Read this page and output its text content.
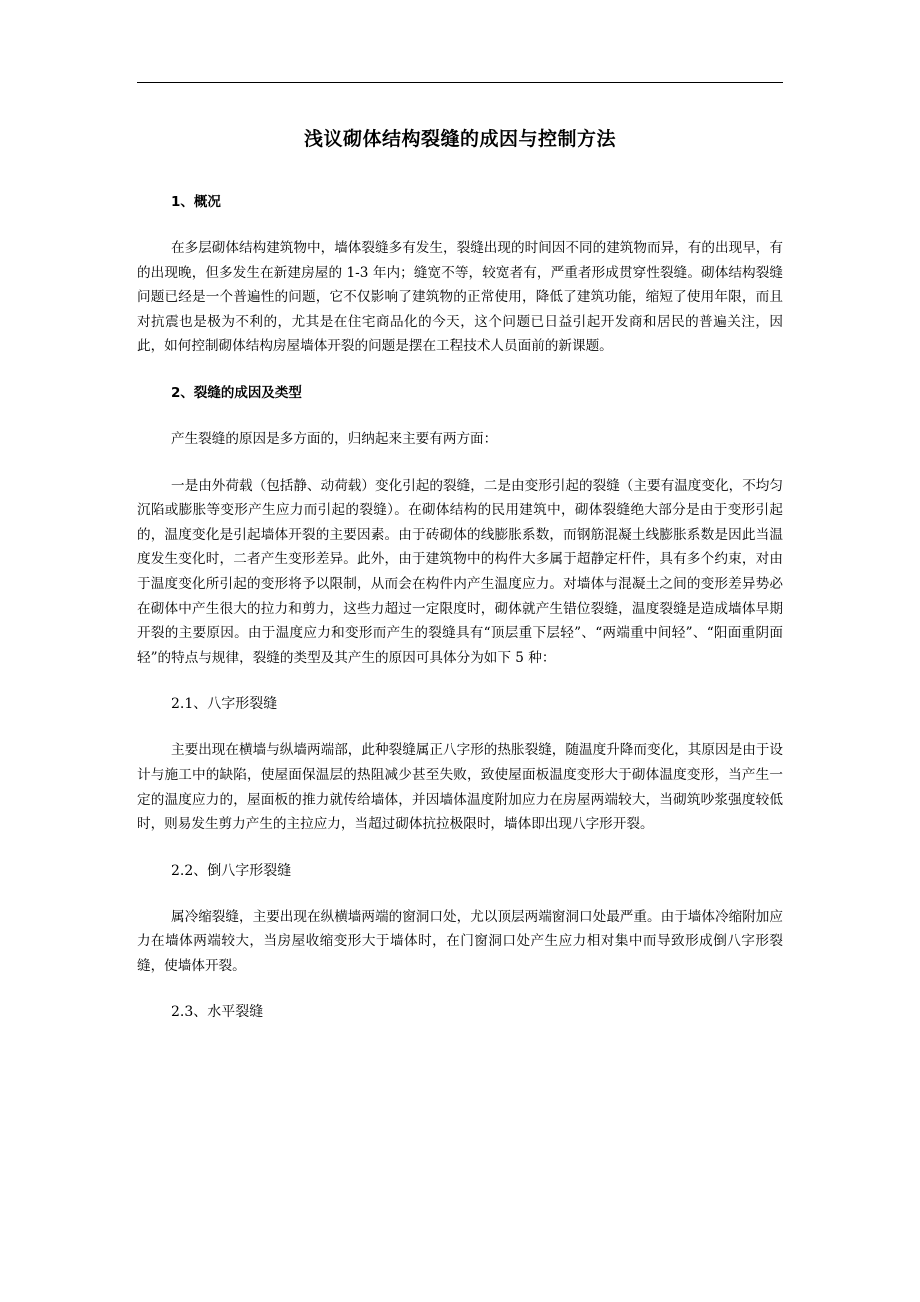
浅议砌体结构裂缝的成因与控制方法
1、概况
在多层砌体结构建筑物中，墙体裂缝多有发生，裂缝出现的时间因不同的建筑物而异，有的出现早，有的出现晚，但多发生在新建房屋的 1-3 年内；缝宽不等，较宽者有，严重者形成贯穿性裂缝。砌体结构裂缝问题已经是一个普遍性的问题，它不仅影响了建筑物的正常使用，降低了建筑功能，缩短了使用年限，而且对抗震也是极为不利的，尤其是在住宅商品化的今天，这个问题已日益引起开发商和居民的普遍关注，因此，如何控制砌体结构房屋墙体开裂的问题是摆在工程技术人员面前的新课题。
2、裂缝的成因及类型
产生裂缝的原因是多方面的，归纳起来主要有两方面：
一是由外荷载（包括静、动荷载）变化引起的裂缝，二是由变形引起的裂缝（主要有温度变化，不均匀沉陷或膨胀等变形产生应力而引起的裂缝）。在砌体结构的民用建筑中，砌体裂缝绝大部分是由于变形引起的，温度变化是引起墙体开裂的主要因素。由于砖砌体的线膨胀系数，而钢筋混凝土线膨胀系数是因此当温度发生变化时，二者产生变形差异。此外，由于建筑物中的构件大多属于超静定杆件，具有多个约束，对由于温度变化所引起的变形将予以限制，从而会在构件内产生温度应力。对墙体与混凝土之间的变形差异势必在砌体中产生很大的拉力和剪力，这些力超过一定限度时，砌体就产生错位裂缝，温度裂缝是造成墙体早期开裂的主要原因。由于温度应力和变形而产生的裂缝具有“顶层重下层轻”、“两端重中间轻”、“阳面重阴面轻”的特点与规律，裂缝的类型及其产生的原因可具体分为如下 5 种：
2.1、八字形裂缝
主要出现在横墙与纵墙两端部，此种裂缝属正八字形的热胀裂缝，随温度升降而变化，其原因是由于设计与施工中的缺陷，使屋面保温层的热阻减少甚至失败，致使屋面板温度变形大于砌体温度变形，当产生一定的温度应力的，屋面板的推力就传给墙体，并因墙体温度附加应力在房屋两端较大，当砌筑吵浆强度较低时，则易发生剪力产生的主拉应力，当超过砌体抗拉极限时，墙体即出现八字形开裂。
2.2、倒八字形裂缝
属冷缩裂缝，主要出现在纵横墙两端的窗洞口处，尤以顶层两端窗洞口处最严重。由于墙体冷缩附加应力在墙体两端较大，当房屋收缩变形大于墙体时，在门窗洞口处产生应力相对集中而导致形成倒八字形裂缝，使墙体开裂。
2.3、水平裂缝
